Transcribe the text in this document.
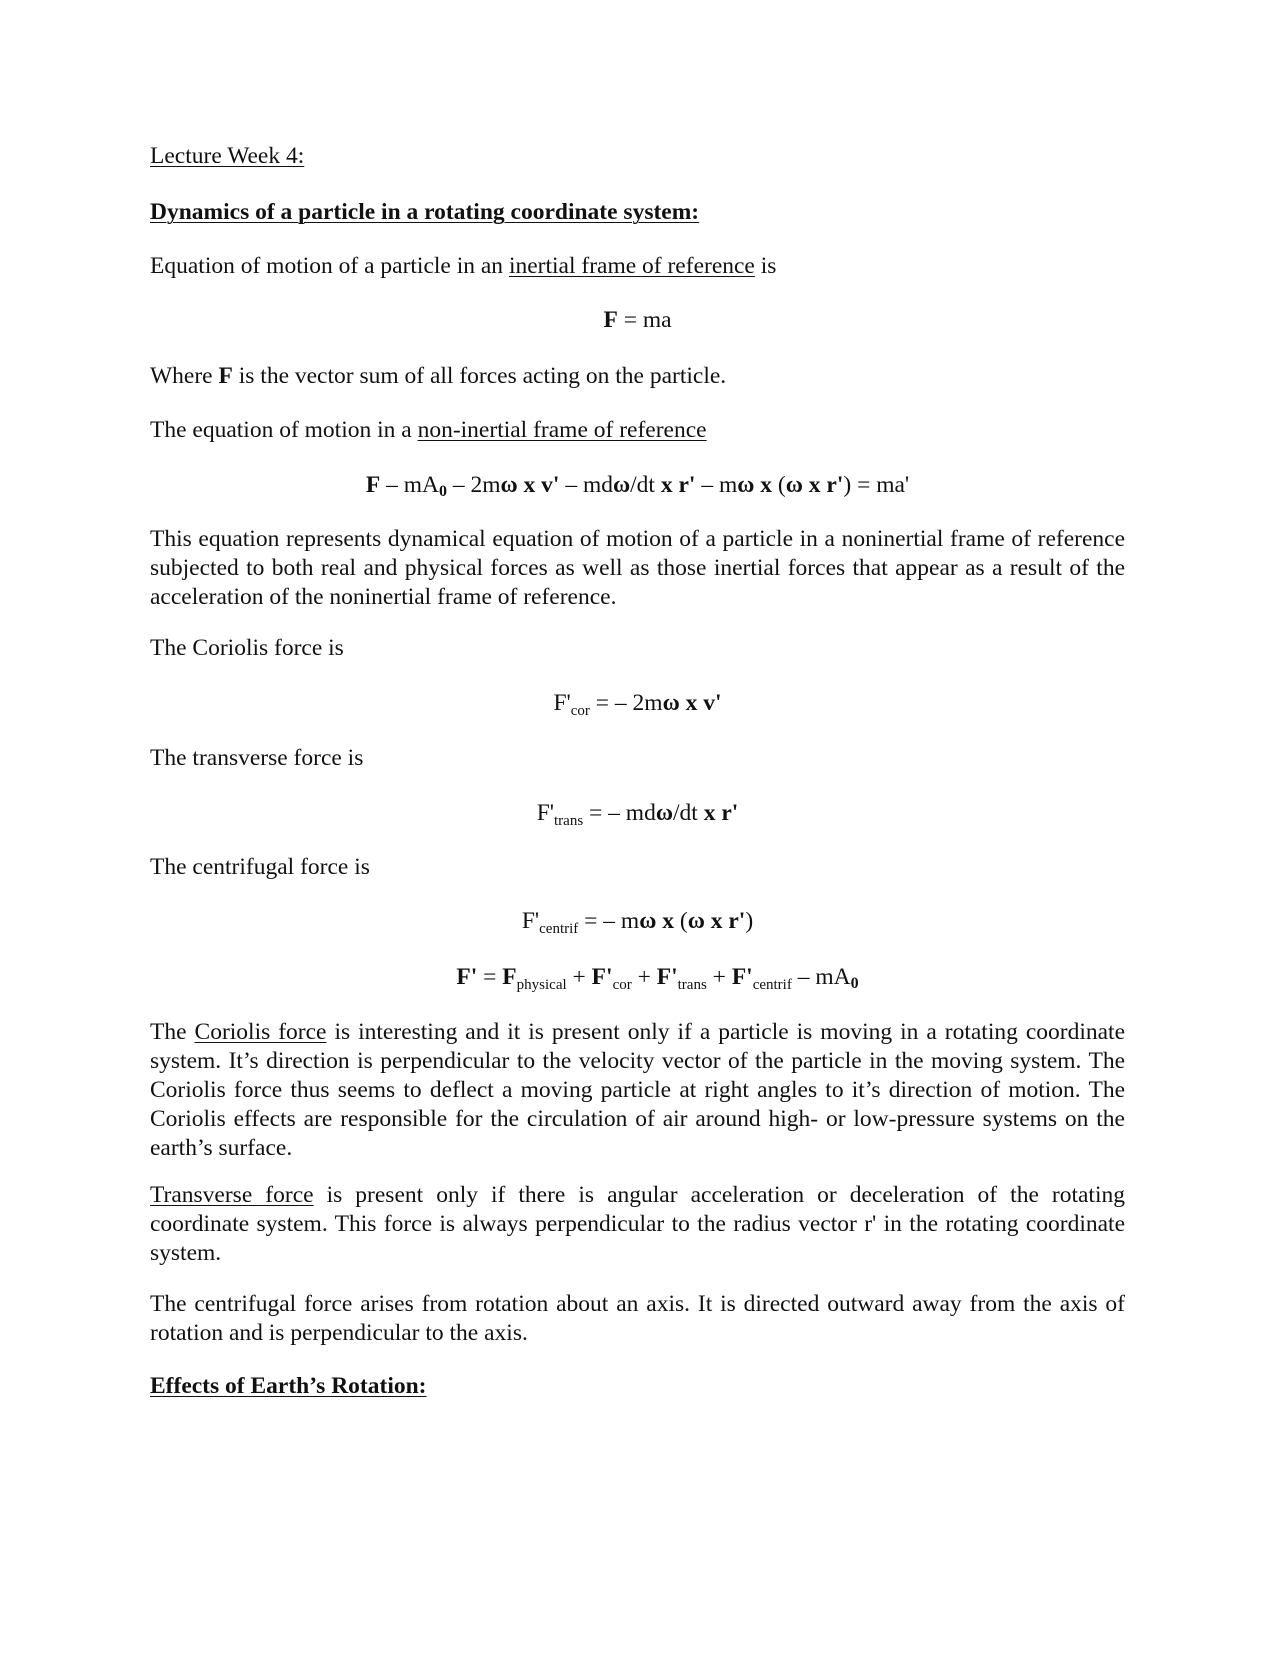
Lecture Week 4:

Dynamics of a particle in a rotating coordinate system:

Equation of motion of a particle in an inertial frame of reference is

F = ma

Where F is the vector sum of all forces acting on the particle.

The equation of motion in a non-inertial frame of reference

F – mA0 – 2mω x v' – mdω/dt x r' – mω x (ω x r') = ma'

This equation represents dynamical equation of motion of a particle in a noninertial frame of reference subjected to both real and physical forces as well as those inertial forces that appear as a result of the acceleration of the noninertial frame of reference.

The Coriolis force is

$F'_{cor}$ = – 2mω x v'

The transverse force is

$F'_{trans}$ = – mdω/dt x r'

The centrifugal force is

$F'_{centrif}$ = – mω x (ω x r')

$F' = F_{physical} + F'_{cor} + F'_{trans} + F'_{centrif} - mA0$

The Coriolis force is interesting and it is present only if a particle is moving in a rotating coordinate system. It’s direction is perpendicular to the velocity vector of the particle in the moving system. The Coriolis force thus seems to deflect a moving particle at right angles to it’s direction of motion. The Coriolis effects are responsible for the circulation of air around high- or low-pressure systems on the earth’s surface.

Transverse force is present only if there is angular acceleration or deceleration of the rotating coordinate system. This force is always perpendicular to the radius vector r' in the rotating coordinate system.

The centrifugal force arises from rotation about an axis. It is directed outward away from the axis of rotation and is perpendicular to the axis.

Effects of Earth’s Rotation:
